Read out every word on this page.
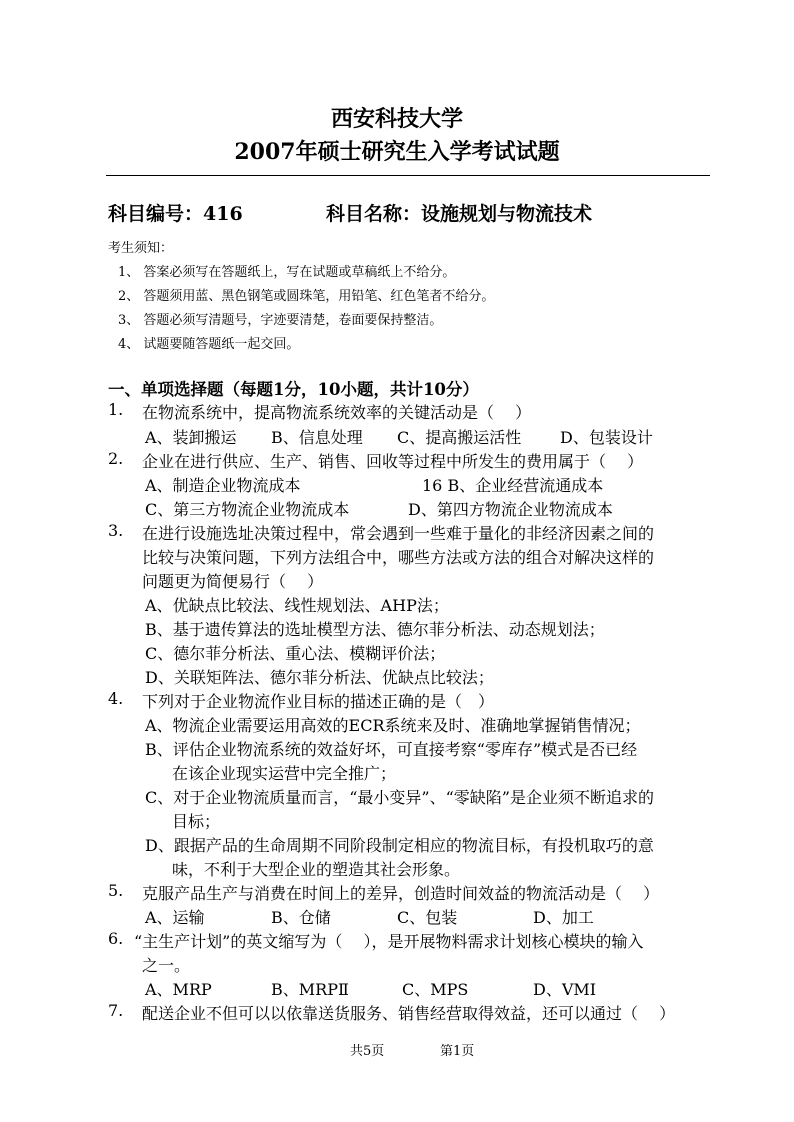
西安科技大学
2007年硕士研究生入学考试试题
科目编号：416	科目名称：设施规划与物流技术
考生须知：
1、 答案必须写在答题纸上，写在试题或草稿纸上不给分。
2、 答题须用蓝、黑色钢笔或圆珠笔，用铅笔、红色笔者不给分。
3、 答题必须写清题号，字迹要清楚，卷面要保持整洁。
4、 试题要随答题纸一起交回。
一、单项选择题（每题1分，10小题，共计10分）
1. 在物流系统中，提高物流系统效率的关键活动是（　 ）
A、装卸搬运 B、信息处理 C、提高搬运活性 D、包装设计
2. 企业在进行供应、生产、销售、回收等过程中所发生的费用属于（　 ）
A、制造企业物流成本	16 B、企业经营流通成本
C、第三方物流企业物流成本	D、第四方物流企业物流成本
3. 在进行设施选址决策过程中，常会遇到一些难于量化的非经济因素之间的
比较与决策问题，下列方法组合中，哪些方法或方法的组合对解决这样的
问题更为简便易行（　 ）
A、优缺点比较法、线性规划法、AHP法；
B、基于遗传算法的选址模型方法、德尔菲分析法、动态规划法；
C、德尔菲分析法、重心法、模糊评价法；
D、关联矩阵法、德尔菲分析法、优缺点比较法；
4. 下列对于企业物流作业目标的描述正确的是（　）
A、物流企业需要运用高效的ECR系统来及时、准确地掌握销售情况；
B、评估企业物流系统的效益好坏，可直接考察“零库存”模式是否已经
在该企业现实运营中完全推广；
C、对于企业物流质量而言，“最小变异”、“零缺陷”是企业须不断追求的
目标；
D、跟据产品的生命周期不同阶段制定相应的物流目标，有投机取巧的意
味，不利于大型企业的塑造其社会形象。
5. 克服产品生产与消费在时间上的差异，创造时间效益的物流活动是（　 ）
A、运输	B、仓储	C、包装	D、加工
6. “主生产计划”的英文缩写为（　 ），是开展物料需求计划核心模块的输入
之一。
A、MRP	B、MRPⅡ	C、MPS	D、VMI
7. 配送企业不但可以以依靠送货服务、销售经营取得效益，还可以通过（　 ）
共5页	第1页
